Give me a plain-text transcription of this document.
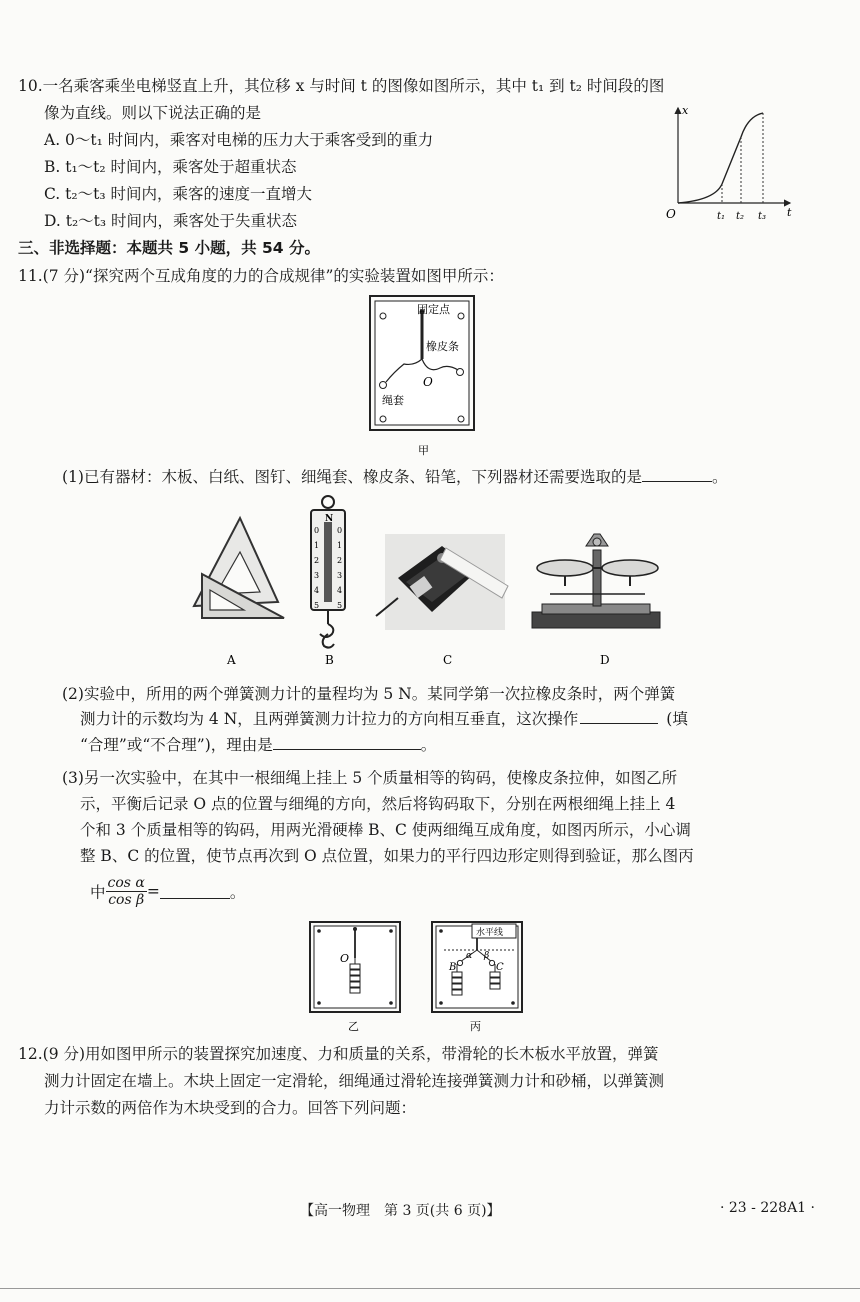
10.一名乘客乘坐电梯竖直上升，其位移 x 与时间 t 的图像如图所示，其中 t₁ 到 t₂ 时间段的图
像为直线。则以下说法正确的是
A. 0～t₁ 时间内，乘客对电梯的压力大于乘客受到的重力
B. t₁～t₂ 时间内，乘客处于超重状态
C. t₂～t₃ 时间内，乘客的速度一直增大
D. t₂～t₃ 时间内，乘客处于失重状态
x
t
O	t₁ t₂ t₃
三、非选择题：本题共 5 小题，共 54 分。
11.(7 分)“探究两个互成角度的力的合成规律”的实验装置如图甲所示：
固定点
橡皮条
O
绳套
甲
(1)已有器材：木板、白纸、图钉、细绳套、橡皮条、铅笔，下列器材还需要选取的是	。
A
N
0
1
2
3
4
5
0
1
2
3
4
5
B	C	D
(2)实验中，所用的两个弹簧测力计的量程均为 5 N。某同学第一次拉橡皮条时，两个弹簧
测力计的示数均为 4 N，且两弹簧测力计拉力的方向相互垂直，这次操作	(填
“合理”或“不合理”)，理由是	。
(3)另一次实验中，在其中一根细绳上挂上 5 个质量相等的钩码，使橡皮条拉伸，如图乙所
示，平衡后记录 O 点的位置与细绳的方向，然后将钩码取下，分别在两根细绳上挂上 4
个和 3 个质量相等的钩码，用两光滑硬棒 B、C 使两细绳互成角度，如图丙所示，小心调
整 B、C 的位置，使节点再次到 O 点位置，如果力的平行四边形定则得到验证，那么图丙
中 $\frac{\text{cos α}}{\text{cos β}}$ =	。
O
乙
水平线
α β
B	C
丙
12.(9 分)用如图甲所示的装置探究加速度、力和质量的关系，带滑轮的长木板水平放置，弹簧
测力计固定在墙上。木块上固定一定滑轮，细绳通过滑轮连接弹簧测力计和砂桶，以弹簧测
力计示数的两倍作为木块受到的合力。回答下列问题：
【高一物理　第 3 页(共 6 页)】	· 23 - 228A1 ·
